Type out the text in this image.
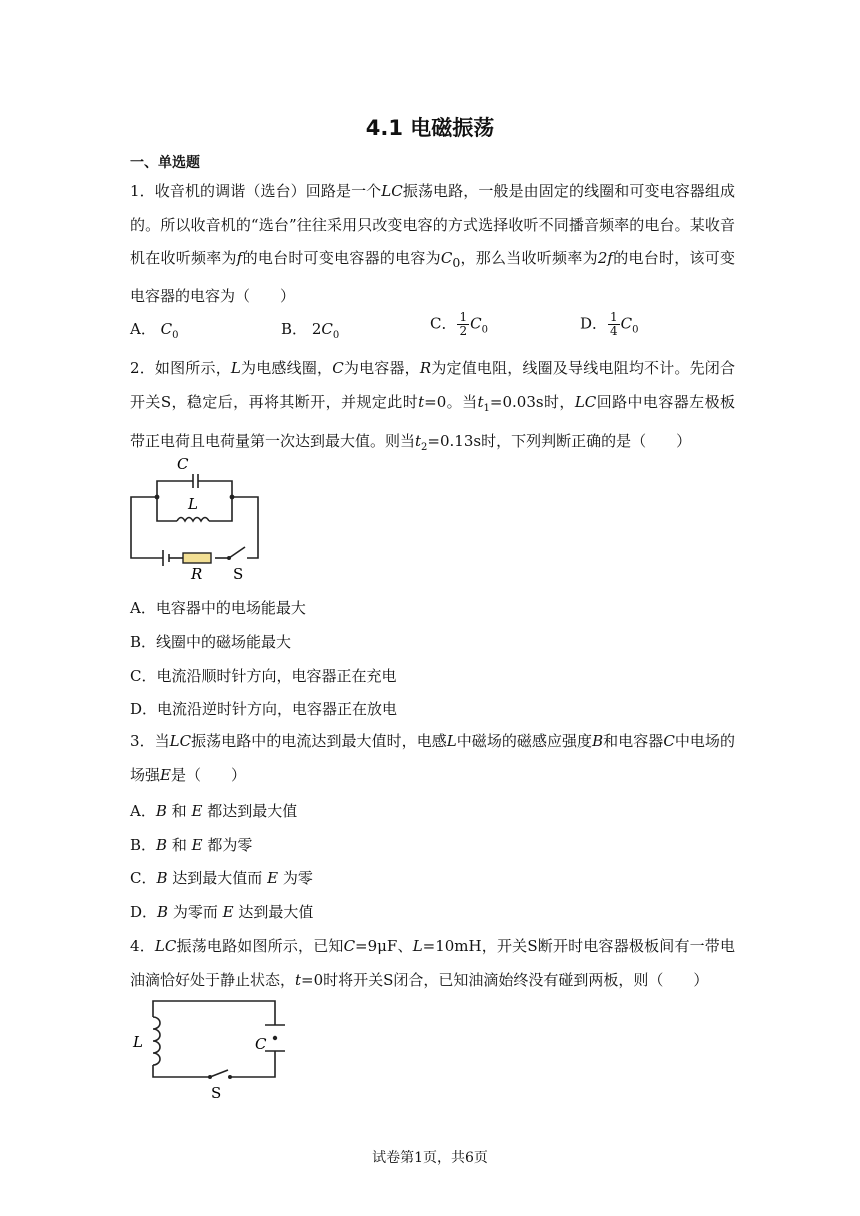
4.1 电磁振荡
一、单选题
1．收音机的调谐（选台）回路是一个LC振荡电路，一般是由固定的线圈和可变电容器组成的。所以收音机的“选台”往往采用只改变电容的方式选择收听不同播音频率的电台。某收音机在收听频率为f的电台时可变电容器的电容为$C_0$，那么当收听频率为2f的电台时，该可变电容器的电容为（　　）
A． $C_0$	B． $2C_0$
C． $\frac{1}{2} C_0$	D． $\frac{1}{4} C_0$
2．如图所示，L为电感线圈，C为电容器，R为定值电阻，线圈及导线电阻均不计。先闭合开关S，稳定后，再将其断开，并规定此时t=0。当$t_1=0.03s$时，LC回路中电容器左极板带正电荷且电荷量第一次达到最大值。则当$t_2=0.13s$时，下列判断正确的是（　　）
C
L
R S
A．电容器中的电场能最大
B．线圈中的磁场能最大
C．电流沿顺时针方向，电容器正在充电
D．电流沿逆时针方向，电容器正在放电
3．当LC振荡电路中的电流达到最大值时，电感L中磁场的磁感应强度B和电容器C中电场的场强E是（　　）
A．B 和 E 都达到最大值
B．B 和 E 都为零
C．B 达到最大值而 E 为零
D．B 为零而 E 达到最大值
4．LC振荡电路如图所示，已知C=9μF、L=10mH，开关S断开时电容器极板间有一带电油滴恰好处于静止状态，t=0时将开关S闭合，已知油滴始终没有碰到两板，则（　　）
L	C
S
试卷第1页，共6页
